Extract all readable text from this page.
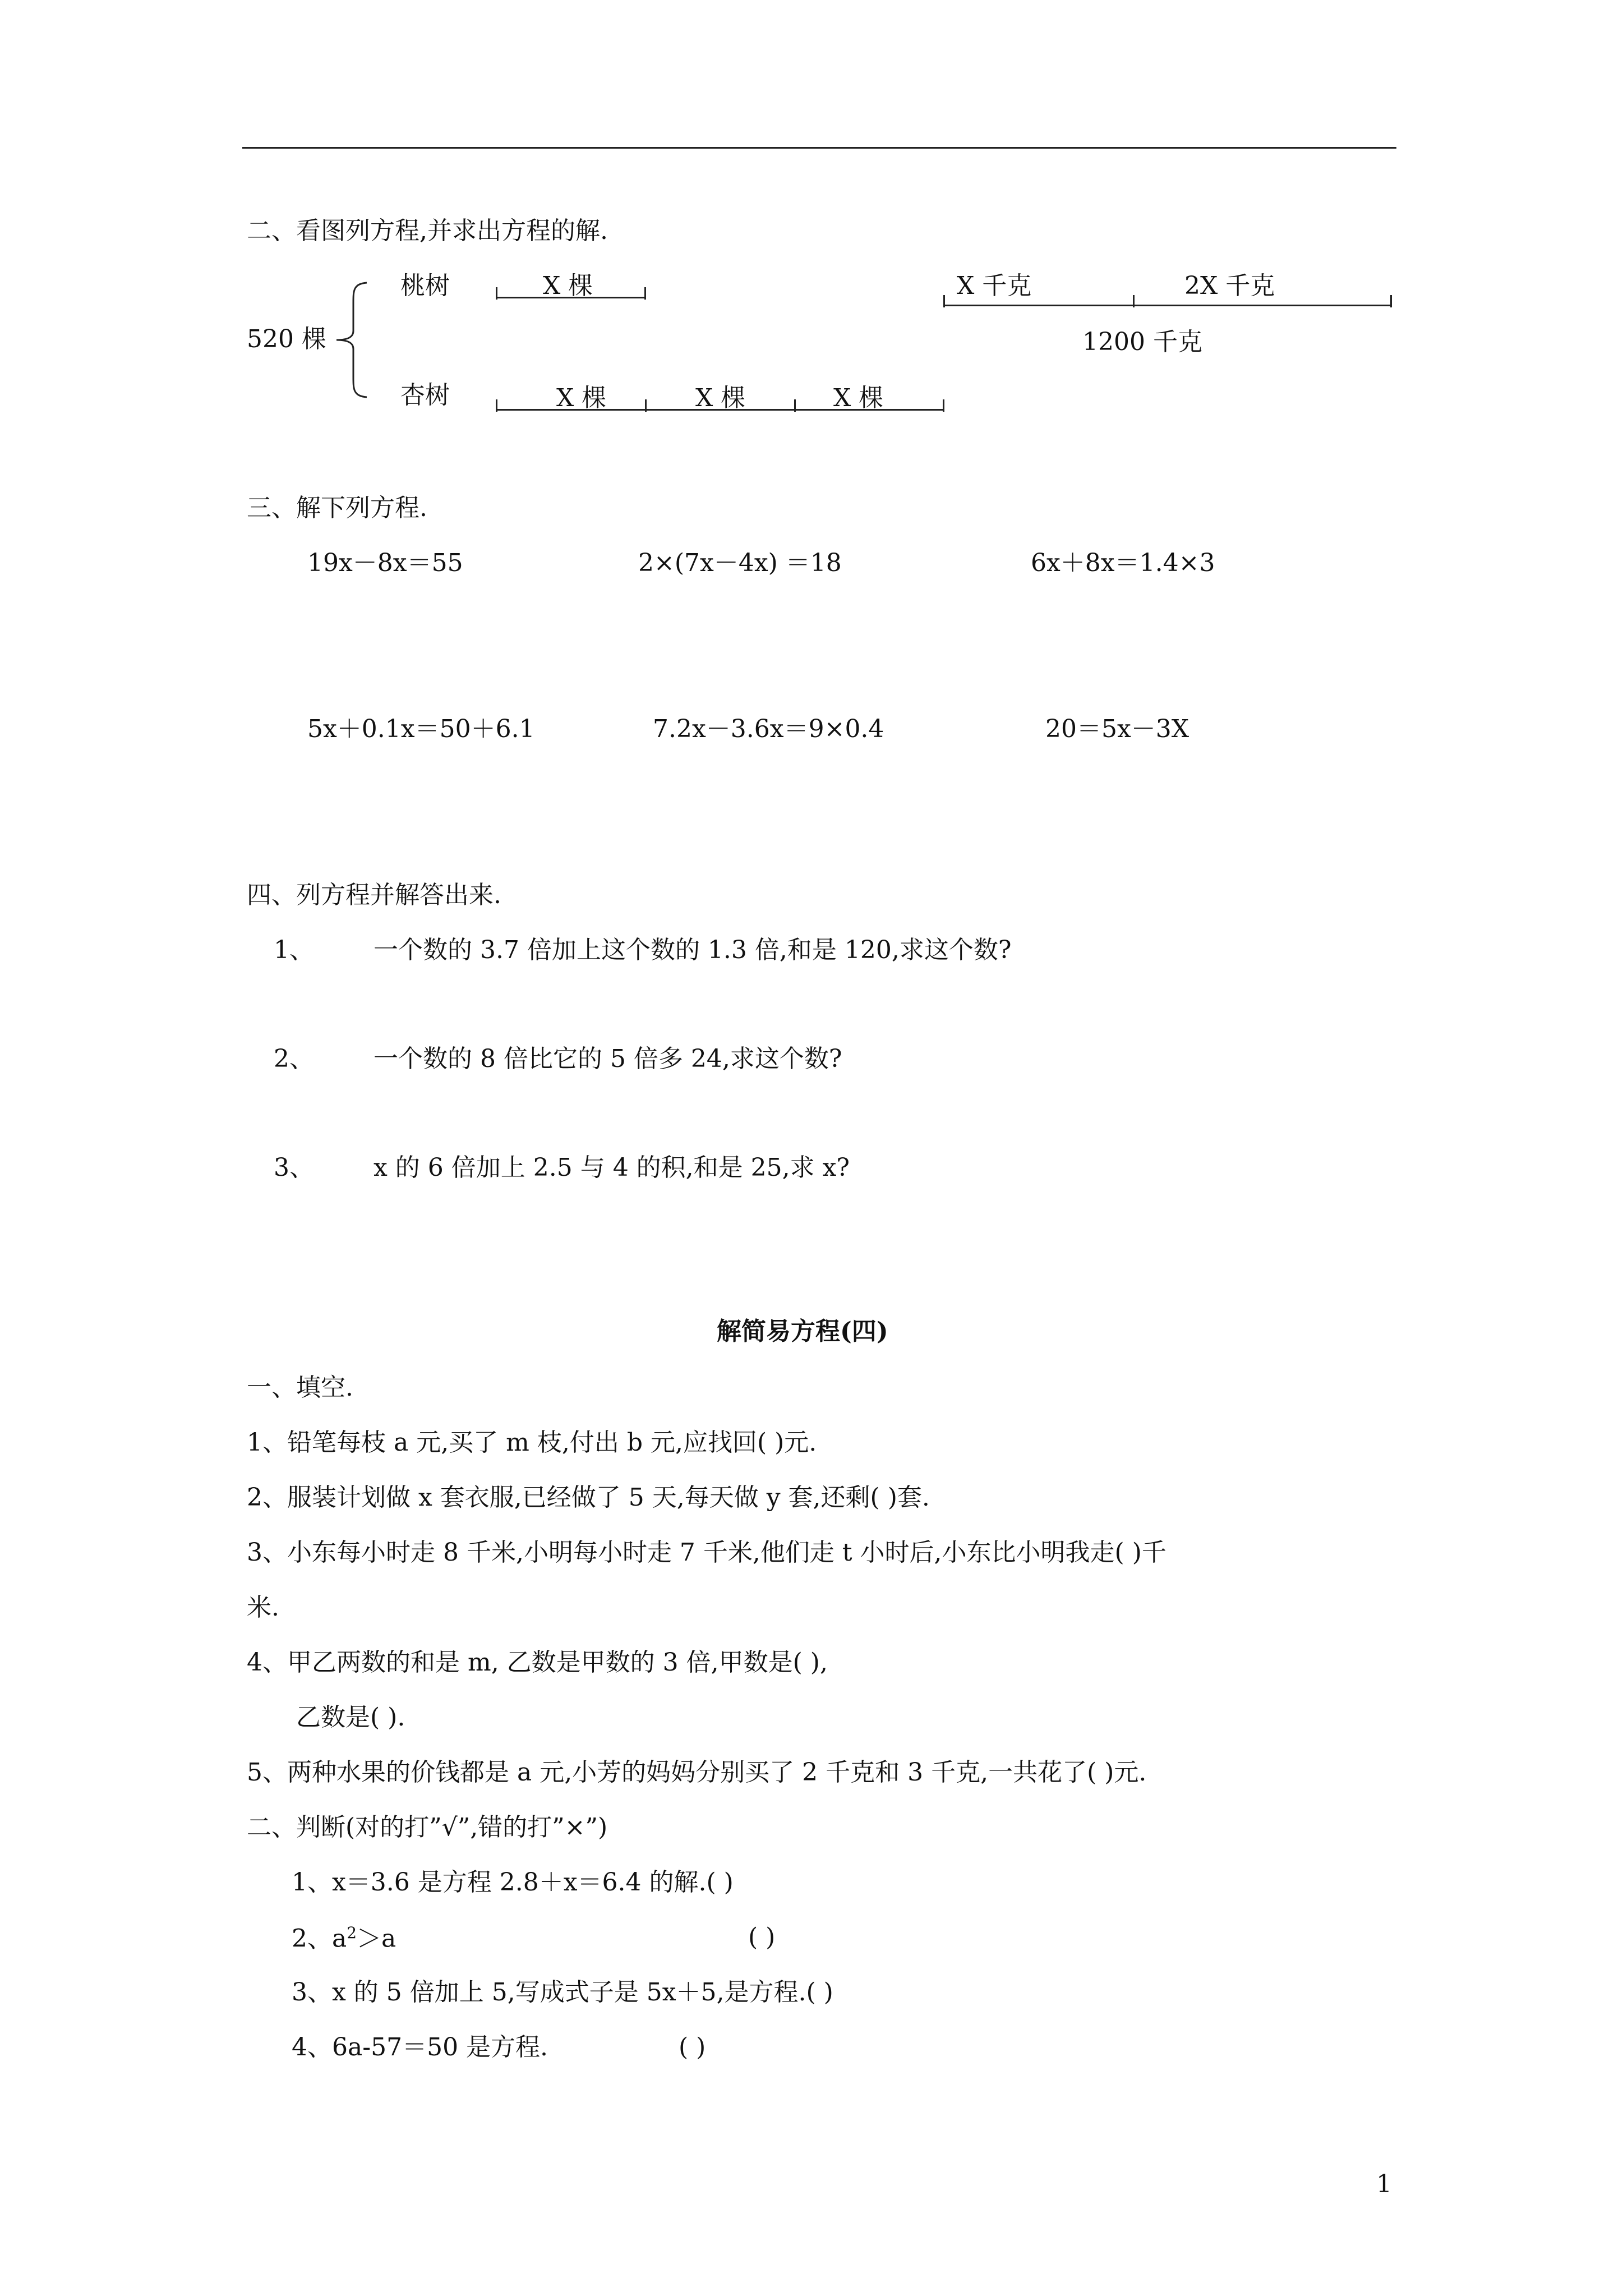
二、看图列方程,并求出方程的解.
桃树
520 棵
杏树
X 棵
X 棵	X 棵	X 棵
X 千克	2X 千克
1200 千克
三、解下列方程.
19x－8x＝55	2×(7x－4x) ＝18	6x＋8x＝1.4×3
5x＋0.1x＝50＋6.1	7.2x－3.6x＝9×0.4	20＝5x－3X
四、列方程并解答出来.
1、 一个数的 3.7 倍加上这个数的 1.3 倍,和是 120,求这个数?
2、 一个数的 8 倍比它的 5 倍多 24,求这个数?
3、 x 的 6 倍加上 2.5 与 4 的积,和是 25,求 x?
解简易方程(四)
一、填空.
1、铅笔每枝 a 元,买了 m 枝,付出 b 元,应找回( )元.
2、服装计划做 x 套衣服,已经做了 5 天,每天做 y 套,还剩( )套.
3、小东每小时走 8 千米,小明每小时走 7 千米,他们走 t 小时后,小东比小明我走( )千
米.
4、甲乙两数的和是 m, 乙数是甲数的 3 倍,甲数是( ),
乙数是( ).
5、两种水果的价钱都是 a 元,小芳的妈妈分别买了 2 千克和 3 千克,一共花了( )元.
二、判断(对的打”√”,错的打”×”)
1、x＝3.6 是方程 2.8＋x＝6.4 的解.( )
2、$a^2>a$	( )
3、x 的 5 倍加上 5,写成式子是 5x＋5,是方程.( )
4、6a-57＝50 是方程.	( )
1
